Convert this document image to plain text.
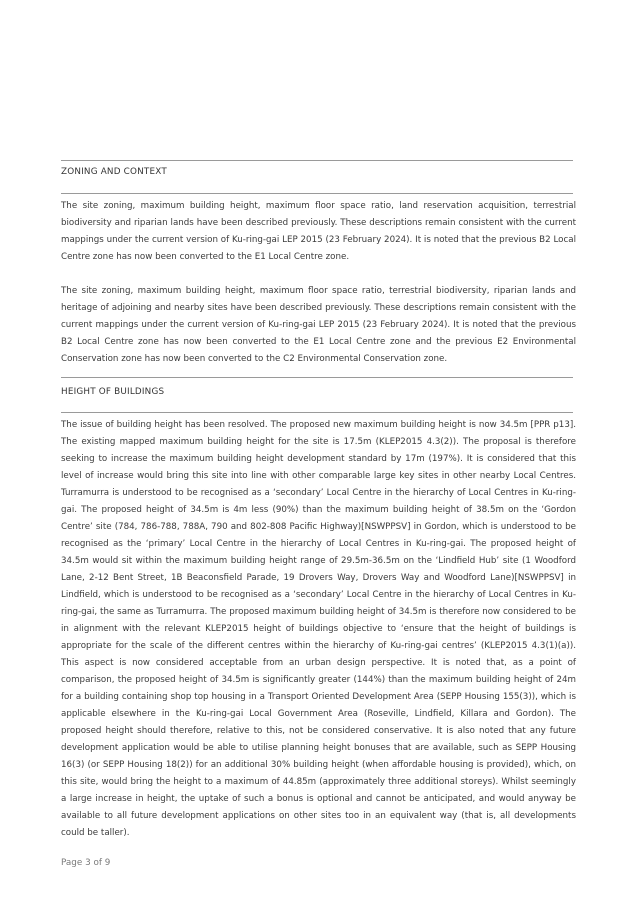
ZONING AND CONTEXT

The site zoning, maximum building height, maximum floor space ratio, land reservation acquisition, terrestrial biodiversity and riparian lands have been described previously. These descriptions remain consistent with the current mappings under the current version of Ku-ring-gai LEP 2015 (23 February 2024). It is noted that the previous B2 Local Centre zone has now been converted to the E1 Local Centre zone.

The site zoning, maximum building height, maximum floor space ratio, terrestrial biodiversity, riparian lands and heritage of adjoining and nearby sites have been described previously. These descriptions remain consistent with the current mappings under the current version of Ku-ring-gai LEP 2015 (23 February 2024). It is noted that the previous B2 Local Centre zone has now been converted to the E1 Local Centre zone and the previous E2 Environmental Conservation zone has now been converted to the C2 Environmental Conservation zone.

HEIGHT OF BUILDINGS

The issue of building height has been resolved. The proposed new maximum building height is now 34.5m [PPR p13]. The existing mapped maximum building height for the site is 17.5m (KLEP2015 4.3(2)). The proposal is therefore seeking to increase the maximum building height development standard by 17m (197%). It is considered that this level of increase would bring this site into line with other comparable large key sites in other nearby Local Centres. Turramurra is understood to be recognised as a ‘secondary’ Local Centre in the hierarchy of Local Centres in Ku-ring-gai. The proposed height of 34.5m is 4m less (90%) than the maximum building height of 38.5m on the ‘Gordon Centre’ site (784, 786-788, 788A, 790 and 802-808 Pacific Highway)[NSWPPSV] in Gordon, which is understood to be recognised as the ‘primary’ Local Centre in the hierarchy of Local Centres in Ku-ring-gai. The proposed height of 34.5m would sit within the maximum building height range of 29.5m-36.5m on the ‘Lindfield Hub’ site (1 Woodford Lane, 2-12 Bent Street, 1B Beaconsfield Parade, 19 Drovers Way, Drovers Way and Woodford Lane)[NSWPPSV] in Lindfield, which is understood to be recognised as a ‘secondary’ Local Centre in the hierarchy of Local Centres in Ku-ring-gai, the same as Turramurra. The proposed maximum building height of 34.5m is therefore now considered to be in alignment with the relevant KLEP2015 height of buildings objective to ‘ensure that the height of buildings is appropriate for the scale of the different centres within the hierarchy of Ku-ring-gai centres’ (KLEP2015 4.3(1)(a)). This aspect is now considered acceptable from an urban design perspective. It is noted that, as a point of comparison, the proposed height of 34.5m is significantly greater (144%) than the maximum building height of 24m for a building containing shop top housing in a Transport Oriented Development Area (SEPP Housing 155(3)), which is applicable elsewhere in the Ku-ring-gai Local Government Area (Roseville, Lindfield, Killara and Gordon). The proposed height should therefore, relative to this, not be considered conservative. It is also noted that any future development application would be able to utilise planning height bonuses that are available, such as SEPP Housing 16(3) (or SEPP Housing 18(2)) for an additional 30% building height (when affordable housing is provided), which, on this site, would bring the height to a maximum of 44.85m (approximately three additional storeys). Whilst seemingly a large increase in height, the uptake of such a bonus is optional and cannot be anticipated, and would anyway be available to all future development applications on other sites too in an equivalent way (that is, all developments could be taller).

Page 3 of 9
